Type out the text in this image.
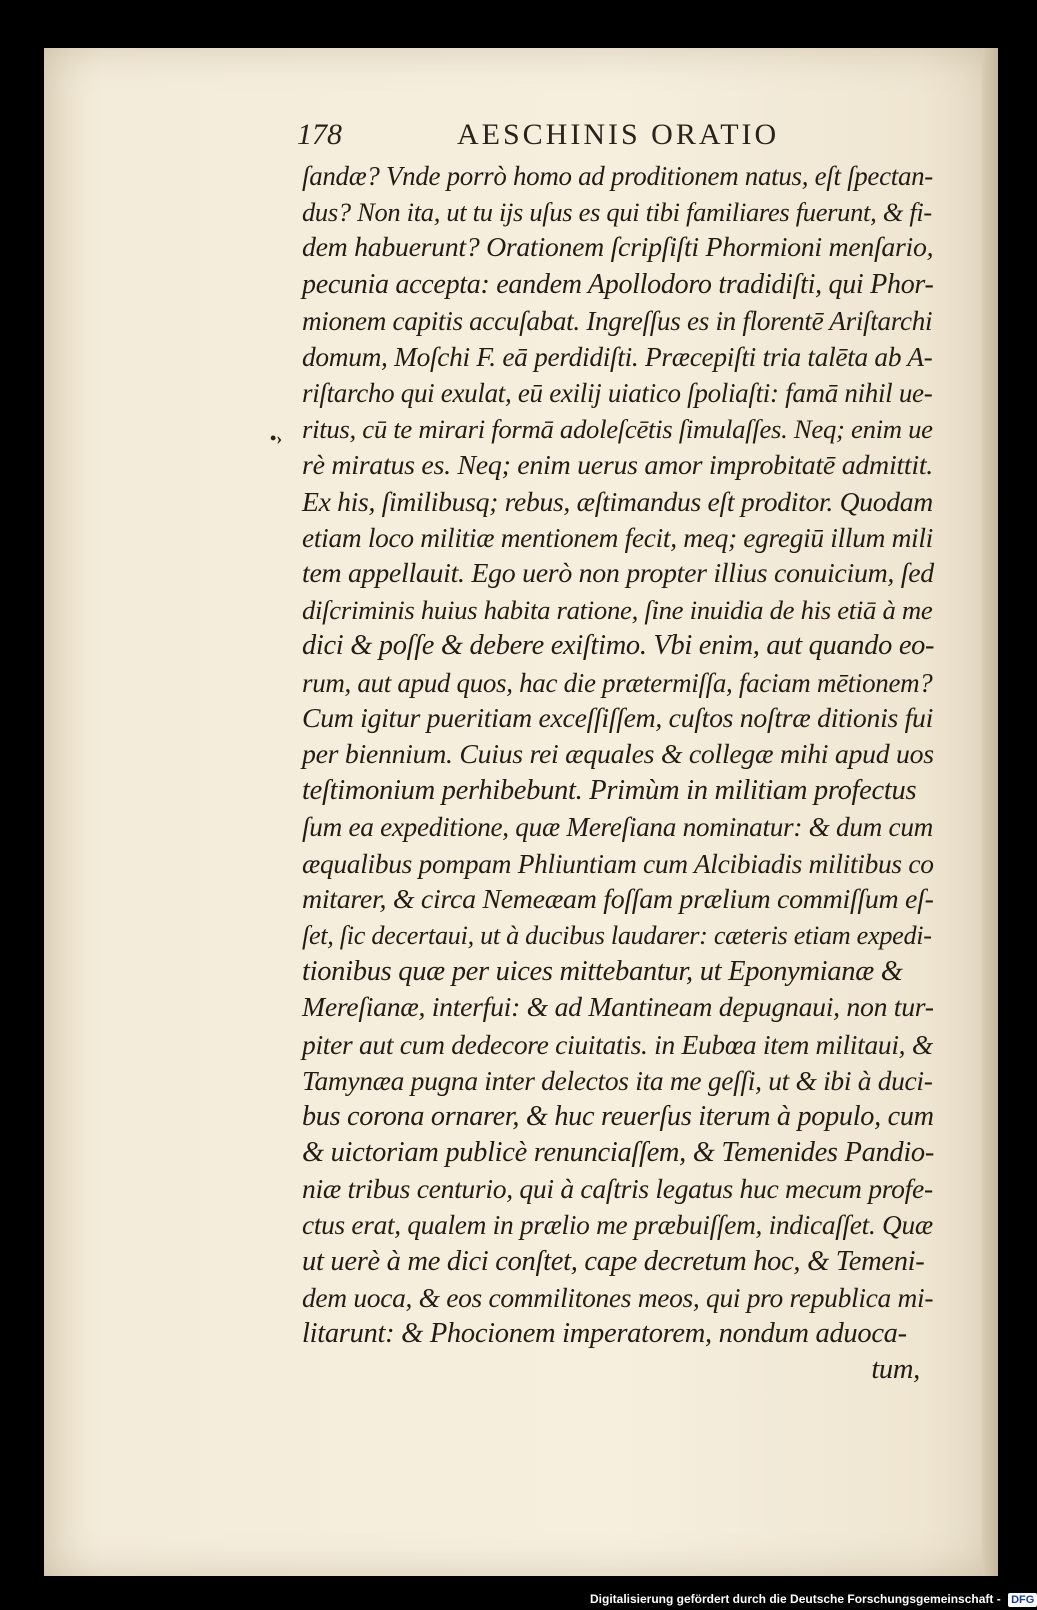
178	AESCHINIS ORATIO
•›
ſandæ? Vnde porrò homo ad proditionem natus, eſt ſpectan-
dus? Non ita, ut tu ijs uſus es qui tibi familiares fuerunt, & fi-
dem habuerunt? Orationem ſcripſiſti Phormioni menſario,
pecunia accepta: eandem Apollodoro tradidiſti, qui Phor-
mionem capitis accuſabat. Ingreſſus es in florentē Ariſtarchi
domum, Moſchi F. eā perdidiſti. Præcepiſti tria talēta ab A-
riſtarcho qui exulat, eū exilij uiatico ſpoliaſti: famā nihil ue-
ritus, cū te mirari formā adoleſcētis ſimulaſſes. Neq; enim ue
rè miratus es. Neq; enim uerus amor improbitatē admittit.
Ex his, ſimilibusq; rebus, æſtimandus eſt proditor. Quodam
etiam loco militiæ mentionem fecit, meq; egregiū illum mili
tem appellauit. Ego uerò non propter illius conuicium, ſed
diſcriminis huius habita ratione, ſine inuidia de his etiā à me
dici & poſſe & debere exiſtimo. Vbi enim, aut quando eo-
rum, aut apud quos, hac die prætermiſſa, faciam mētionem?
Cum igitur pueritiam exceſſiſſem, cuſtos noſtræ ditionis fui
per biennium. Cuius rei æquales & collegæ mihi apud uos
teſtimonium perhibebunt. Primùm in militiam profectus
ſum ea expeditione, quæ Mereſiana nominatur: & dum cum
æqualibus pompam Phliuntiam cum Alcibiadis militibus co
mitarer, & circa Nemeæam foſſam prælium commiſſum eſ-
ſet, ſic decertaui, ut à ducibus laudarer: cæteris etiam expedi-
tionibus quæ per uices mittebantur, ut Eponymianæ &
Mereſianæ, interfui: & ad Mantineam depugnaui, non tur-
piter aut cum dedecore ciuitatis. in Eubœa item militaui, &
Tamynæa pugna inter delectos ita me geſſi, ut & ibi à duci-
bus corona ornarer, & huc reuerſus iterum à populo, cum
& uictoriam publicè renunciaſſem, & Temenides Pandio-
niæ tribus centurio, qui à caſtris legatus huc mecum profe-
ctus erat, qualem in prælio me præbuiſſem, indicaſſet. Quæ
ut uerè à me dici conſtet, cape decretum hoc, & Temeni-
dem uoca, & eos commilitones meos, qui pro republica mi-
litarunt: & Phocionem imperatorem, nondum aduoca-
tum,
Digitalisierung gefördert durch die Deutsche Forschungsgemeinschaft - DFG
